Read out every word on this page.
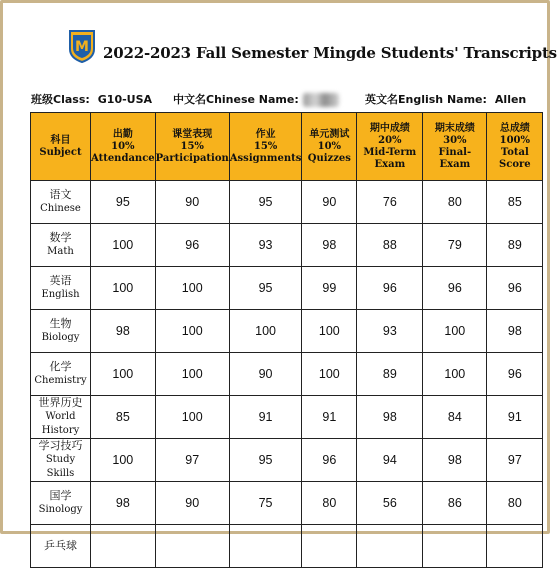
M 2022-2023 Fall Semester Mingde Students' Transcripts
班级Class: G10-USA 中文名Chinese Name:	英文名English Name: Allen
科目
Subject	出勤
10%
Attendance	课堂表现
15%
Participation	作业
15%
Assignments	单元测试
10%
Quizzes	期中成绩
20%
Mid-Term
Exam	期末成绩
30%
Final-Exam	总成绩
100%
Total
Score

语文
Chinese	95	90	95	90	76	80	85

数学
Math	100	96	93	98	88	79	89

英语
English	100	100	95	99	96	96	96

生物
Biology	98	100	100	100	93	100	98

化学
Chemistry	100	100	90	100	89	100	96

世界历史
World History	85	100	91	91	98	84	91

学习技巧
Study Skills	100	97	95	96	94	98	97

国学
Sinology	98	90	75	80	56	86	80

乒乓球							
